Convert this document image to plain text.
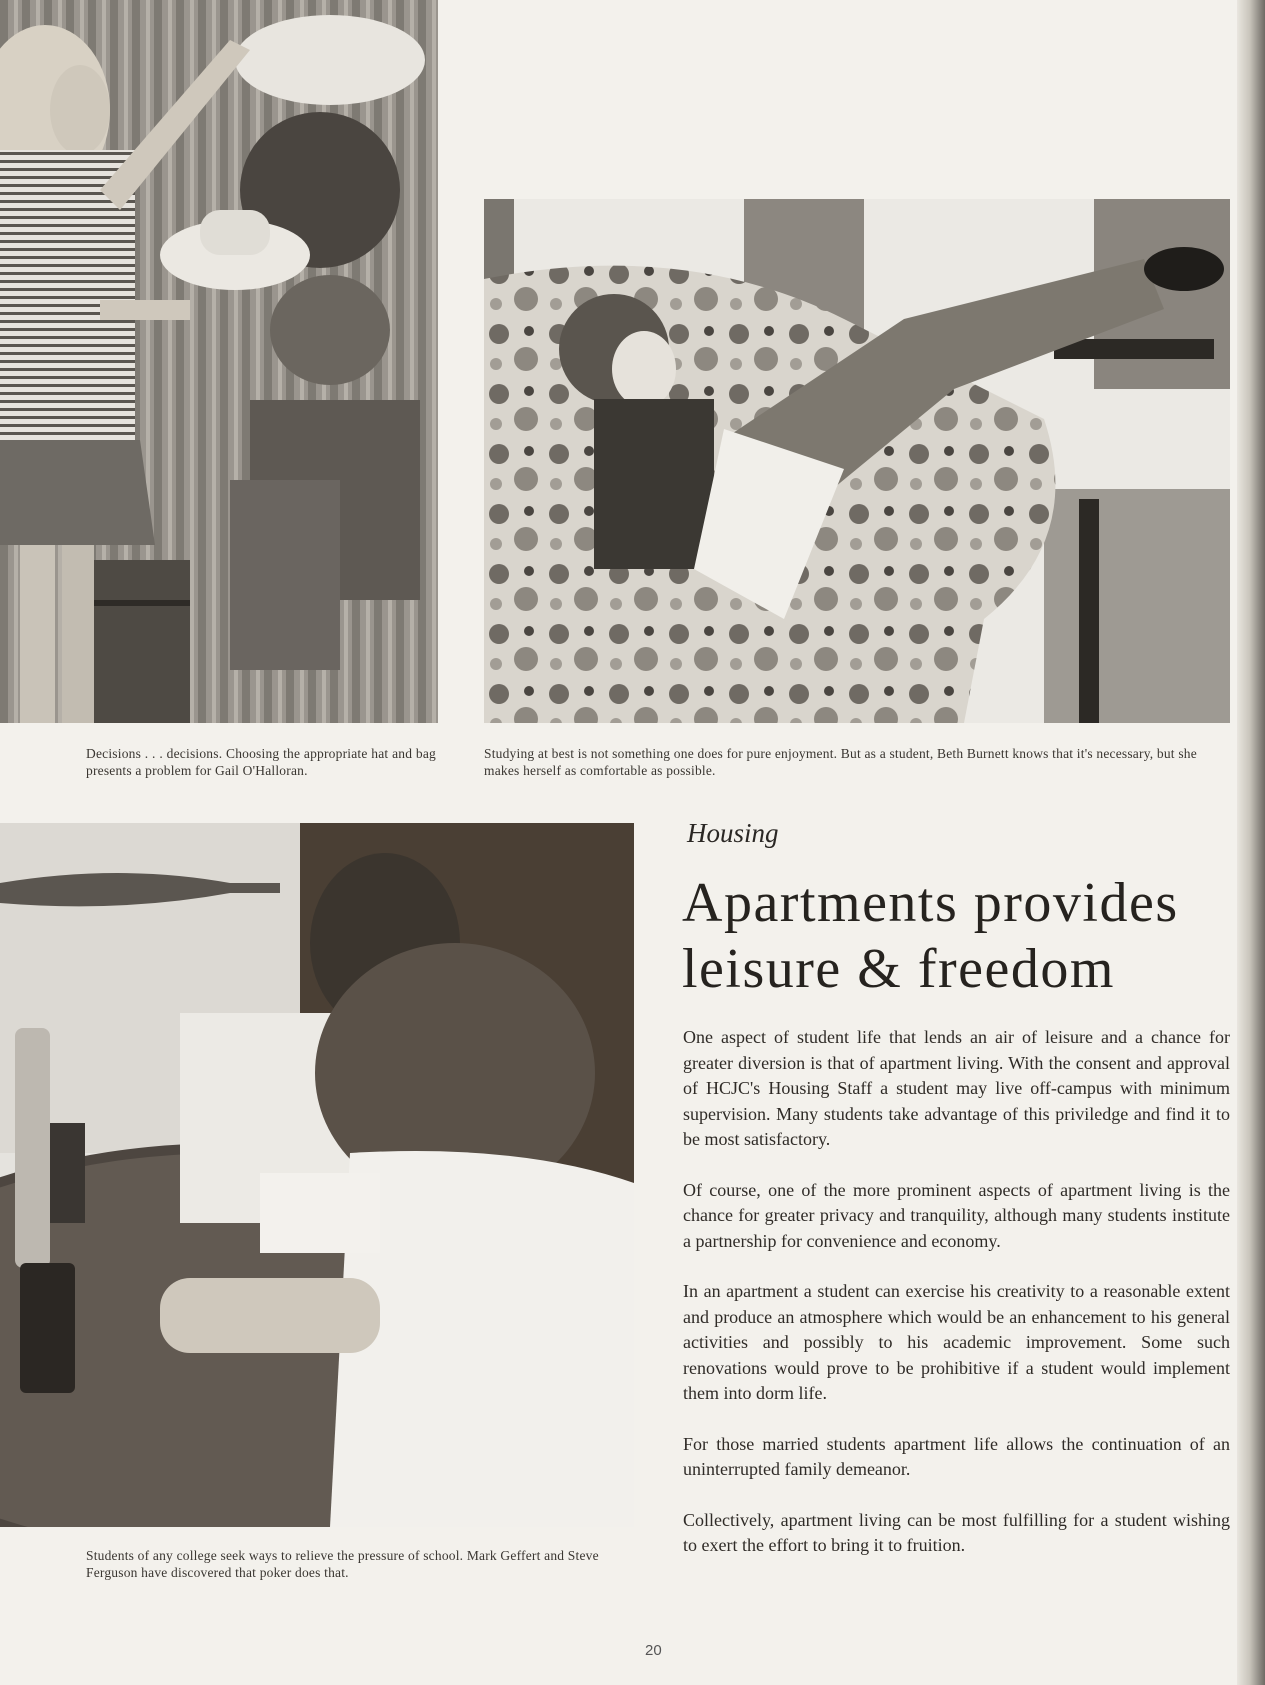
Decisions . . . decisions. Choosing the appropriate hat and bag presents a problem for Gail O'Halloran.
Studying at best is not something one does for pure enjoyment. But as a student, Beth Burnett knows that it's necessary, but she makes herself as comfortable as possible.
Students of any college seek ways to relieve the pressure of school. Mark Geffert and Steve Ferguson have discovered that poker does that.
Housing
Apartments provides leisure & freedom

One aspect of student life that lends an air of leisure and a chance for greater diversion is that of apartment living. With the consent and approval of HCJC's Housing Staff a student may live off-campus with minimum supervision. Many students take advantage of this priviledge and find it to be most satisfactory.

Of course, one of the more prominent aspects of apartment living is the chance for greater privacy and tranquility, although many students institute a partnership for convenience and economy.

In an apartment a student can exercise his creativity to a reasonable extent and produce an atmosphere which would be an enhancement to his general activities and possibly to his academic improvement. Some such renovations would prove to be prohibitive if a student would implement them into dorm life.

For those married students apartment life allows the continuation of an uninterrupted family demeanor.

Collectively, apartment living can be most fulfilling for a student wishing to exert the effort to bring it to fruition.

20
